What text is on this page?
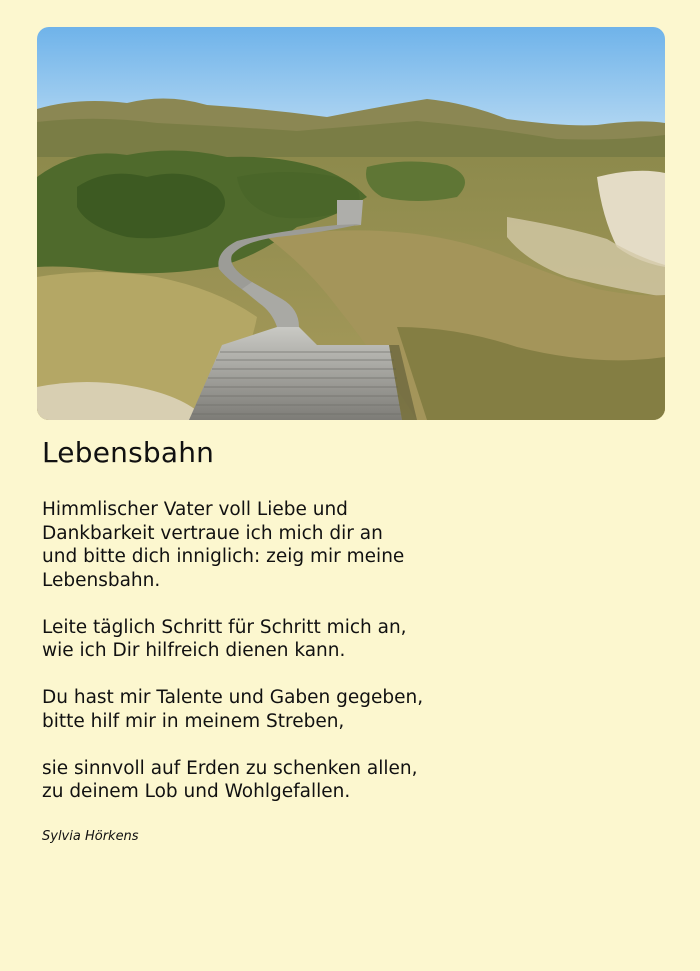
Lebensbahn

Himmlischer Vater voll Liebe und
Dankbarkeit vertraue ich mich dir an
und bitte dich inniglich: zeig mir meine
Lebensbahn.

Leite täglich Schritt für Schritt mich an,
wie ich Dir hilfreich dienen kann.

Du hast mir Talente und Gaben gegeben,
bitte hilf mir in meinem Streben,

sie sinnvoll auf Erden zu schenken allen,
zu deinem Lob und Wohlgefallen.

Sylvia Hörkens
